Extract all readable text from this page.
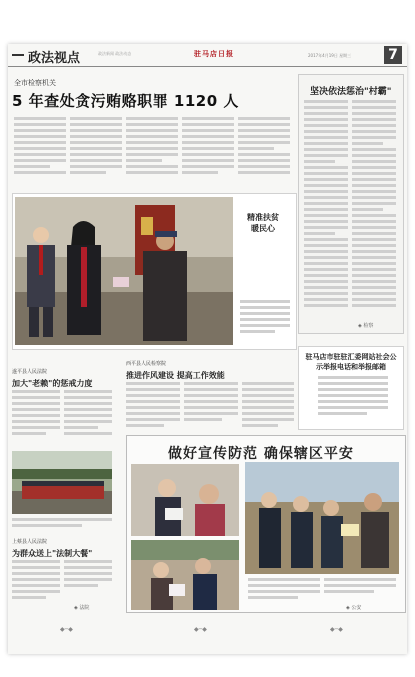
政法视点	政法新闻 政法动态	驻马店日报	2017年4月19日 星期三	7
全市检察机关
5 年查处贪污贿赂职罪 1120 人	坚决依法惩治"村霸"
◈ 检察
精准扶贫 暖民心
遂平县人民法院
加大"老赖"的惩戒力度
上蔡县人民法院
为群众送上"法制大餐"
◈ 法院
西平县人民检察院
推进作风建设 提高工作效能
驻马店市驻驻汇委网站社会公示举报电话和举报邮箱
做好宣传防范 确保辖区平安
◈ 公安
◆─◆	◆─◆	◆─◆
